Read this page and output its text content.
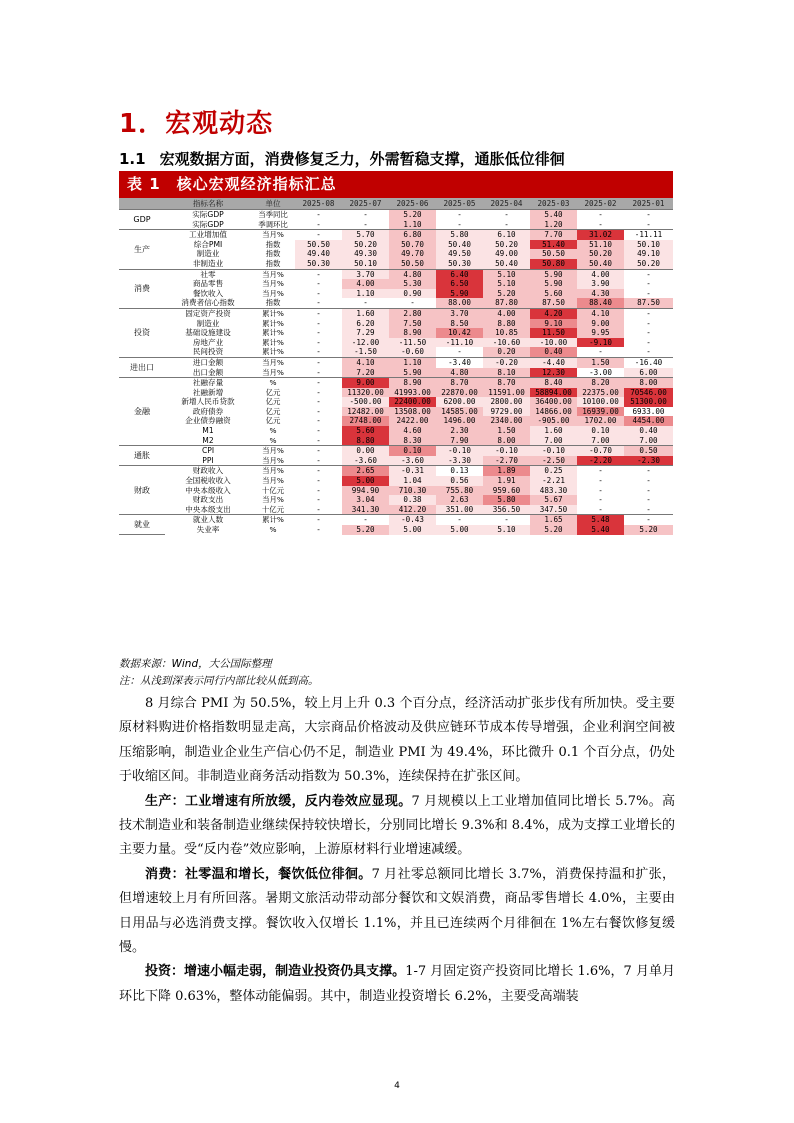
1．宏观动态
1.1 宏观数据方面，消费修复乏力，外需暂稳支撑，通胀低位徘徊
表 1 核心宏观经济指标汇总
	指标名称	单位	2025-08	2025-07	2025-06	2025-05	2025-04	2025-03	2025-02	2025-01
GDP	实际GDP	当季同比	-	-	5.20	-	-	5.40	-	-
	实际GDP	季调环比	-	-	1.10	-	-	1.20	-	-
生产	工业增加值	当月%	-	5.70	6.80	5.80	6.10	7.70	31.02	-11.11
	综合PMI	指数	50.50	50.20	50.70	50.40	50.20	51.40	51.10	50.10
	制造业	指数	49.40	49.30	49.70	49.50	49.00	50.50	50.20	49.10
	非制造业	指数	50.30	50.10	50.50	50.30	50.40	50.80	50.40	50.20
消费	社零	当月%	-	3.70	4.80	6.40	5.10	5.90	4.00	-
	商品零售	当月%	-	4.00	5.30	6.50	5.10	5.90	3.90	-
	餐饮收入	当月%	-	1.10	0.90	5.90	5.20	5.60	4.30	-
	消费者信心指数	指数	-	-	-	88.00	87.80	87.50	88.40	87.50
投资	固定资产投资	累计%	-	1.60	2.80	3.70	4.00	4.20	4.10	-
	制造业	累计%	-	6.20	7.50	8.50	8.80	9.10	9.00	-
	基础设施建设	累计%	-	7.29	8.90	10.42	10.85	11.50	9.95	-
	房地产业	累计%	-	-12.00	-11.50	-11.10	-10.60	-10.00	-9.10	-
	民间投资	累计%	-	-1.50	-0.60	-	0.20	0.40	-	-
进出口	进口金额	当月%	-	4.10	1.10	-3.40	-0.20	-4.40	1.50	-16.40
	出口金额	当月%	-	7.20	5.90	4.80	8.10	12.30	-3.00	6.00
金融	社融存量	%	-	9.00	8.90	8.70	8.70	8.40	8.20	8.00
	社融新增	亿元	-	11320.00	41993.00	22870.00	11591.00	58894.00	22375.00	70546.00
	新增人民币贷款	亿元	-	-500.00	22400.00	6200.00	2800.00	36400.00	10100.00	51300.00
	政府债券	亿元	-	12482.00	13508.00	14585.00	9729.00	14866.00	16939.00	6933.00
	企业债券融资	亿元	-	2748.00	2422.00	1496.00	2340.00	-905.00	1702.00	4454.00
	M1	%	-	5.60	4.60	2.30	1.50	1.60	0.10	0.40
	M2	%	-	8.80	8.30	7.90	8.00	7.00	7.00	7.00
通胀	CPI	当月%	-	0.00	0.10	-0.10	-0.10	-0.10	-0.70	0.50
	PPI	当月%	-	-3.60	-3.60	-3.30	-2.70	-2.50	-2.20	-2.30
财政	财政收入	当月%	-	2.65	-0.31	0.13	1.89	0.25	-	-
	全国税收收入	当月%	-	5.00	1.04	0.56	1.91	-2.21	-	-
	中央本级收入	十亿元	-	994.90	710.30	755.80	959.60	483.30	-	-
	财政支出	当月%	-	3.04	0.38	2.63	5.80	5.67	-	-
	中央本级支出	十亿元	-	341.30	412.20	351.00	356.50	347.50	-	-
就业	就业人数	累计%	-	-	-0.43	-	-	1.65	5.48	-
	失业率	%	-	5.20	5.00	5.00	5.10	5.20	5.40	5.20
数据来源：Wind，大公国际整理
注：从浅到深表示同行内部比较从低到高。

8 月综合 PMI 为 50.5%，较上月上升 0.3 个百分点，经济活动扩张步伐有所加快。受主要原材料购进价格指数明显走高，大宗商品价格波动及供应链环节成本传导增强，企业利润空间被压缩影响，制造业企业生产信心仍不足，制造业 PMI 为 49.4%，环比微升 0.1 个百分点，仍处于收缩区间。非制造业商务活动指数为 50.3%，连续保持在扩张区间。

生产：工业增速有所放缓，反内卷效应显现。7 月规模以上工业增加值同比增长 5.7%。高技术制造业和装备制造业继续保持较快增长，分别同比增长 9.3%和 8.4%，成为支撑工业增长的主要力量。受“反内卷”效应影响，上游原材料行业增速减缓。

消费：社零温和增长，餐饮低位徘徊。7 月社零总额同比增长 3.7%，消费保持温和扩张，但增速较上月有所回落。暑期文旅活动带动部分餐饮和文娱消费，商品零售增长 4.0%，主要由日用品与必选消费支撑。餐饮收入仅增长 1.1%，并且已连续两个月徘徊在 1%左右餐饮修复缓慢。

投资：增速小幅走弱，制造业投资仍具支撑。1-7 月固定资产投资同比增长 1.6%，7 月单月环比下降 0.63%，整体动能偏弱。其中，制造业投资增长 6.2%，主要受高端装

4
